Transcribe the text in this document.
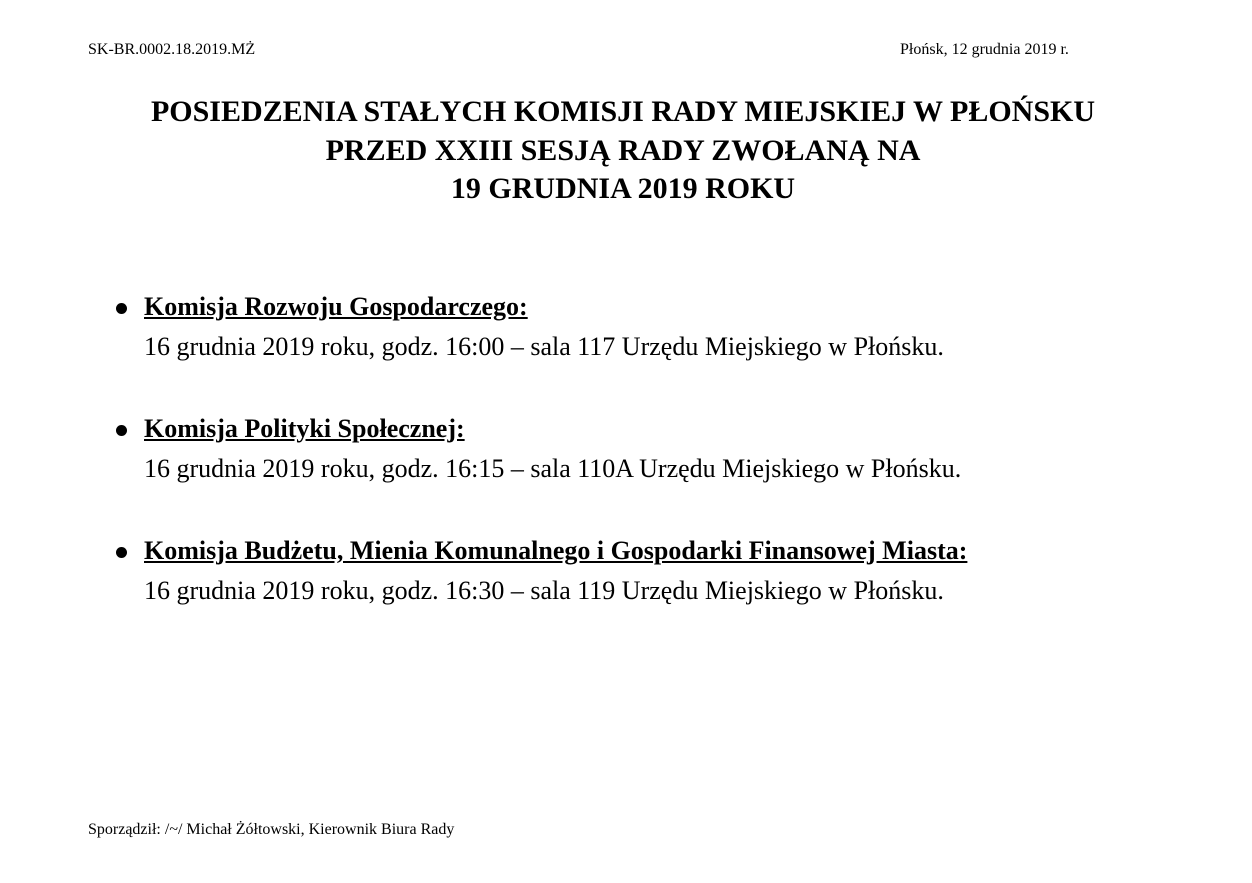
SK-BR.0002.18.2019.MŻ	Płońsk, 12 grudnia 2019 r.
POSIEDZENIA STAŁYCH KOMISJI RADY MIEJSKIEJ W PŁOŃSKU
PRZED XXIII SESJĄ RADY ZWOŁANĄ NA
19 GRUDNIA 2019 ROKU
Komisja Rozwoju Gospodarczego:
16 grudnia 2019 roku, godz. 16:00 – sala 117 Urzędu Miejskiego w Płońsku.
Komisja Polityki Społecznej:
16 grudnia 2019 roku, godz. 16:15 – sala 110A Urzędu Miejskiego w Płońsku.
Komisja Budżetu, Mienia Komunalnego i Gospodarki Finansowej Miasta:
16 grudnia 2019 roku, godz. 16:30 – sala 119 Urzędu Miejskiego w Płońsku.
Sporządził: /~/ Michał Żółtowski, Kierownik Biura Rady
